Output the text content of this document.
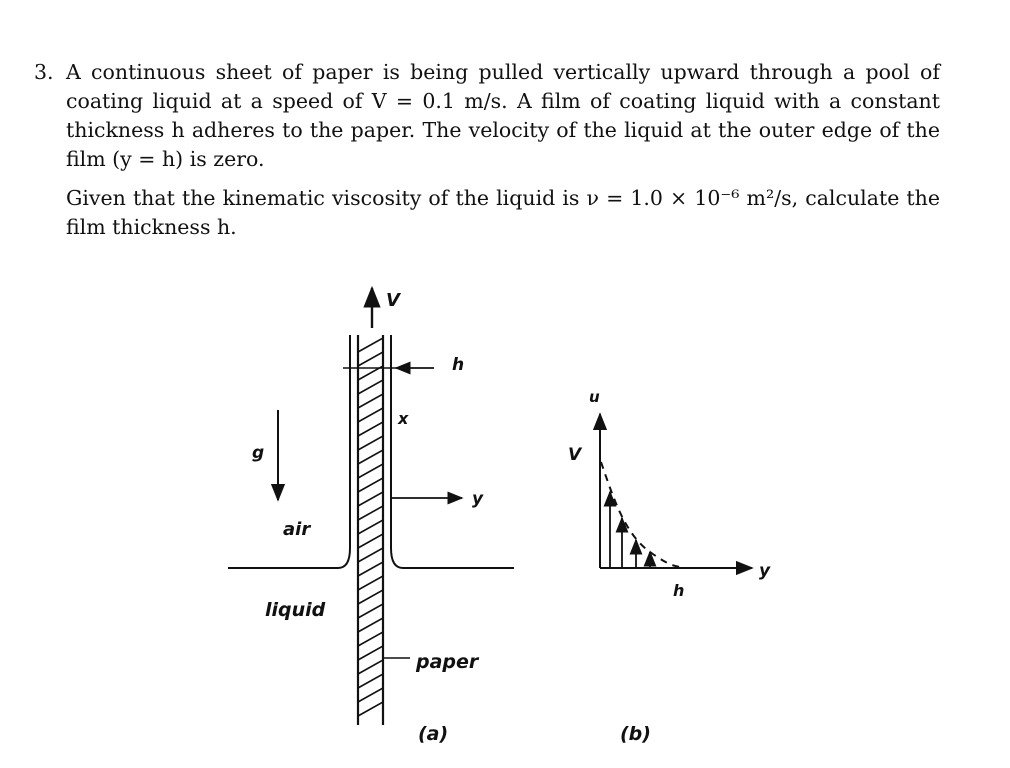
3. A continuous sheet of paper is being pulled vertically upward through a pool of coating liquid at a speed of V = 0.1 m/s. A film of coating liquid with a constant thickness h adheres to the paper. The velocity of the liquid at the outer edge of the film (y = h) is zero.
Given that the kinematic viscosity of the liquid is ν = 1.0 × 10⁻⁶ m²/s, calculate the film thickness h.
V
h
x
y
g
air
liquid
paper
(a)
u
V
y
h
(b)
